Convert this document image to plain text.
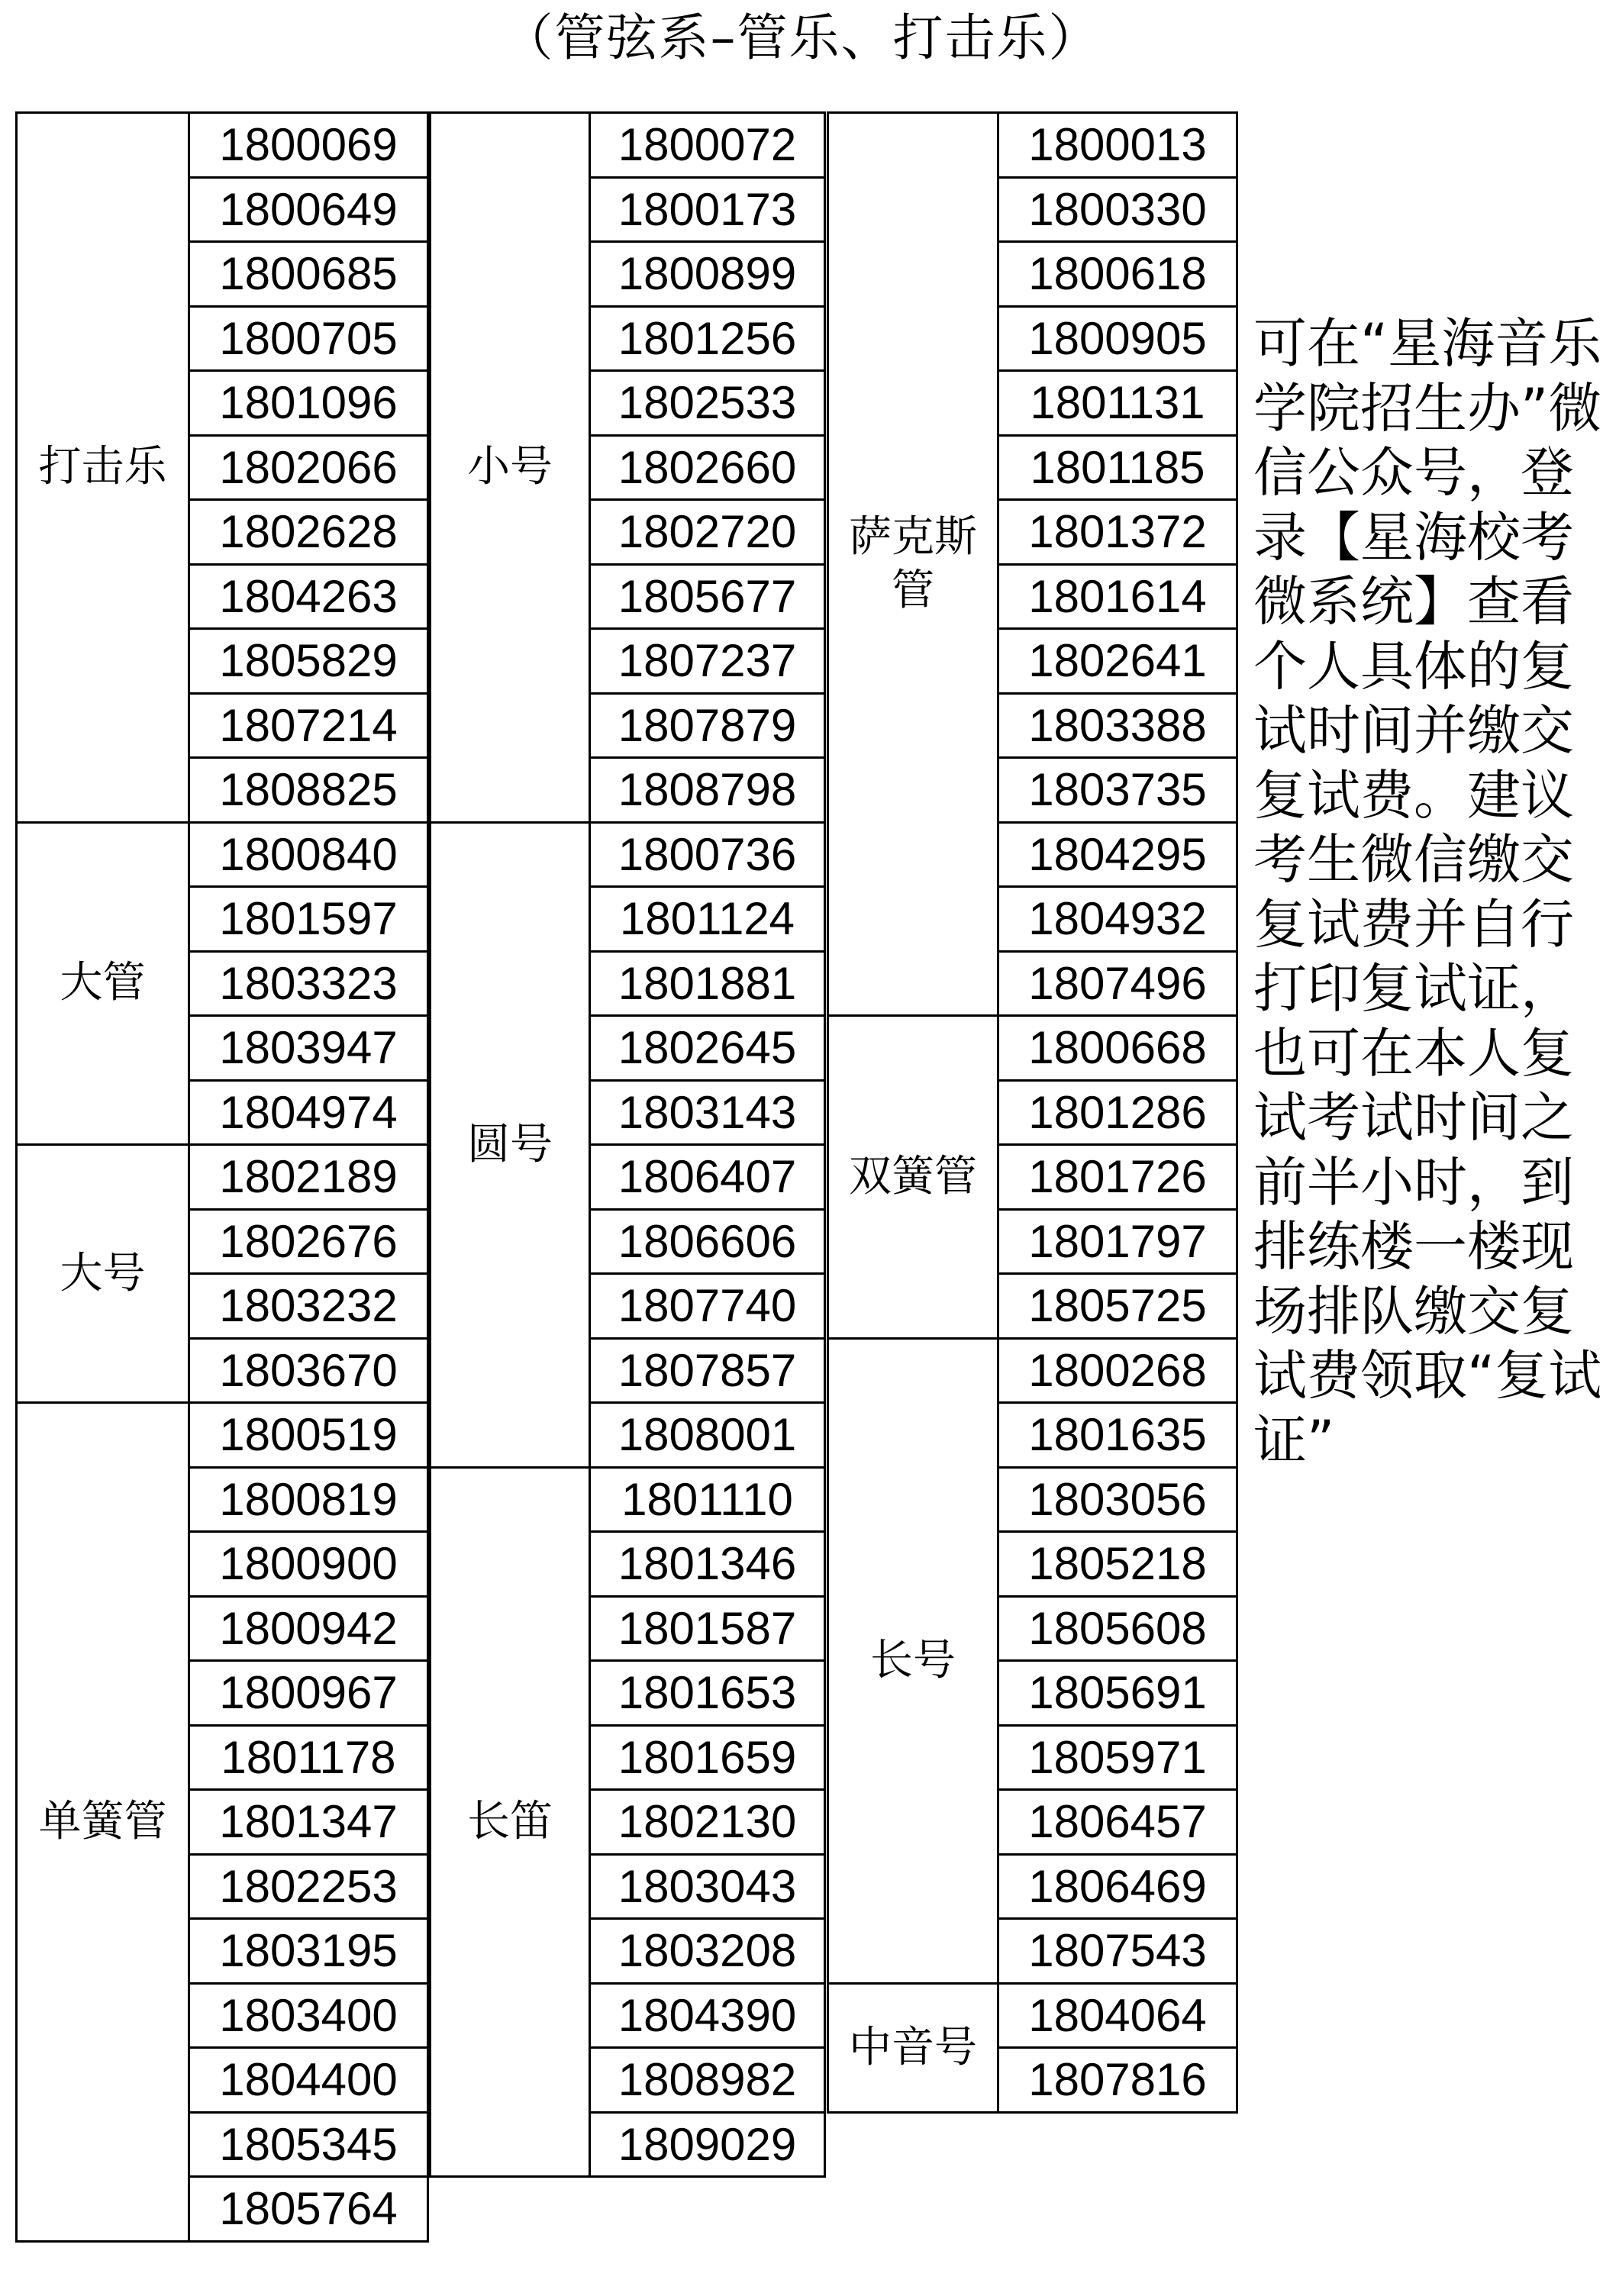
（管弦系–管乐、打击乐）
打击乐
1800069
1800649
1800685
1800705
1801096
1802066
1802628
1804263
1805829
1807214
1808825
大管
1800840
1801597
1803323
1803947
1804974
大号
1802189
1802676
1803232
1803670
单簧管
1800519
1800819
1800900
1800942
1800967
1801178
1801347
1802253
1803195
1803400
1804400
1805345
1805764
小号
1800072
1800173
1800899
1801256
1802533
1802660
1802720
1805677
1807237
1807879
1808798
圆号
1800736
1801124
1801881
1802645
1803143
1806407
1806606
1807740
1807857
1808001
长笛
1801110
1801346
1801587
1801653
1801659
1802130
1803043
1803208
1804390
1808982
1809029
萨克斯
管
1800013
1800330
1800618
1800905
1801131
1801185
1801372
1801614
1802641
1803388
1803735
1804295
1804932
1807496
双簧管
1800668
1801286
1801726
1801797
1805725
长号
1800268
1801635
1803056
1805218
1805608
1805691
1805971
1806457
1806469
1807543
中音号
1804064
1807816
可在“星海音乐学院招生办”微信公众号，登录【星海校考微系统】查看个人具体的复试时间并缴交复试费。建议考生微信缴交复试费并自行打印复试证，也可在本人复试考试时间之前半小时，到排练楼一楼现场排队缴交复试费领取“复试证”
